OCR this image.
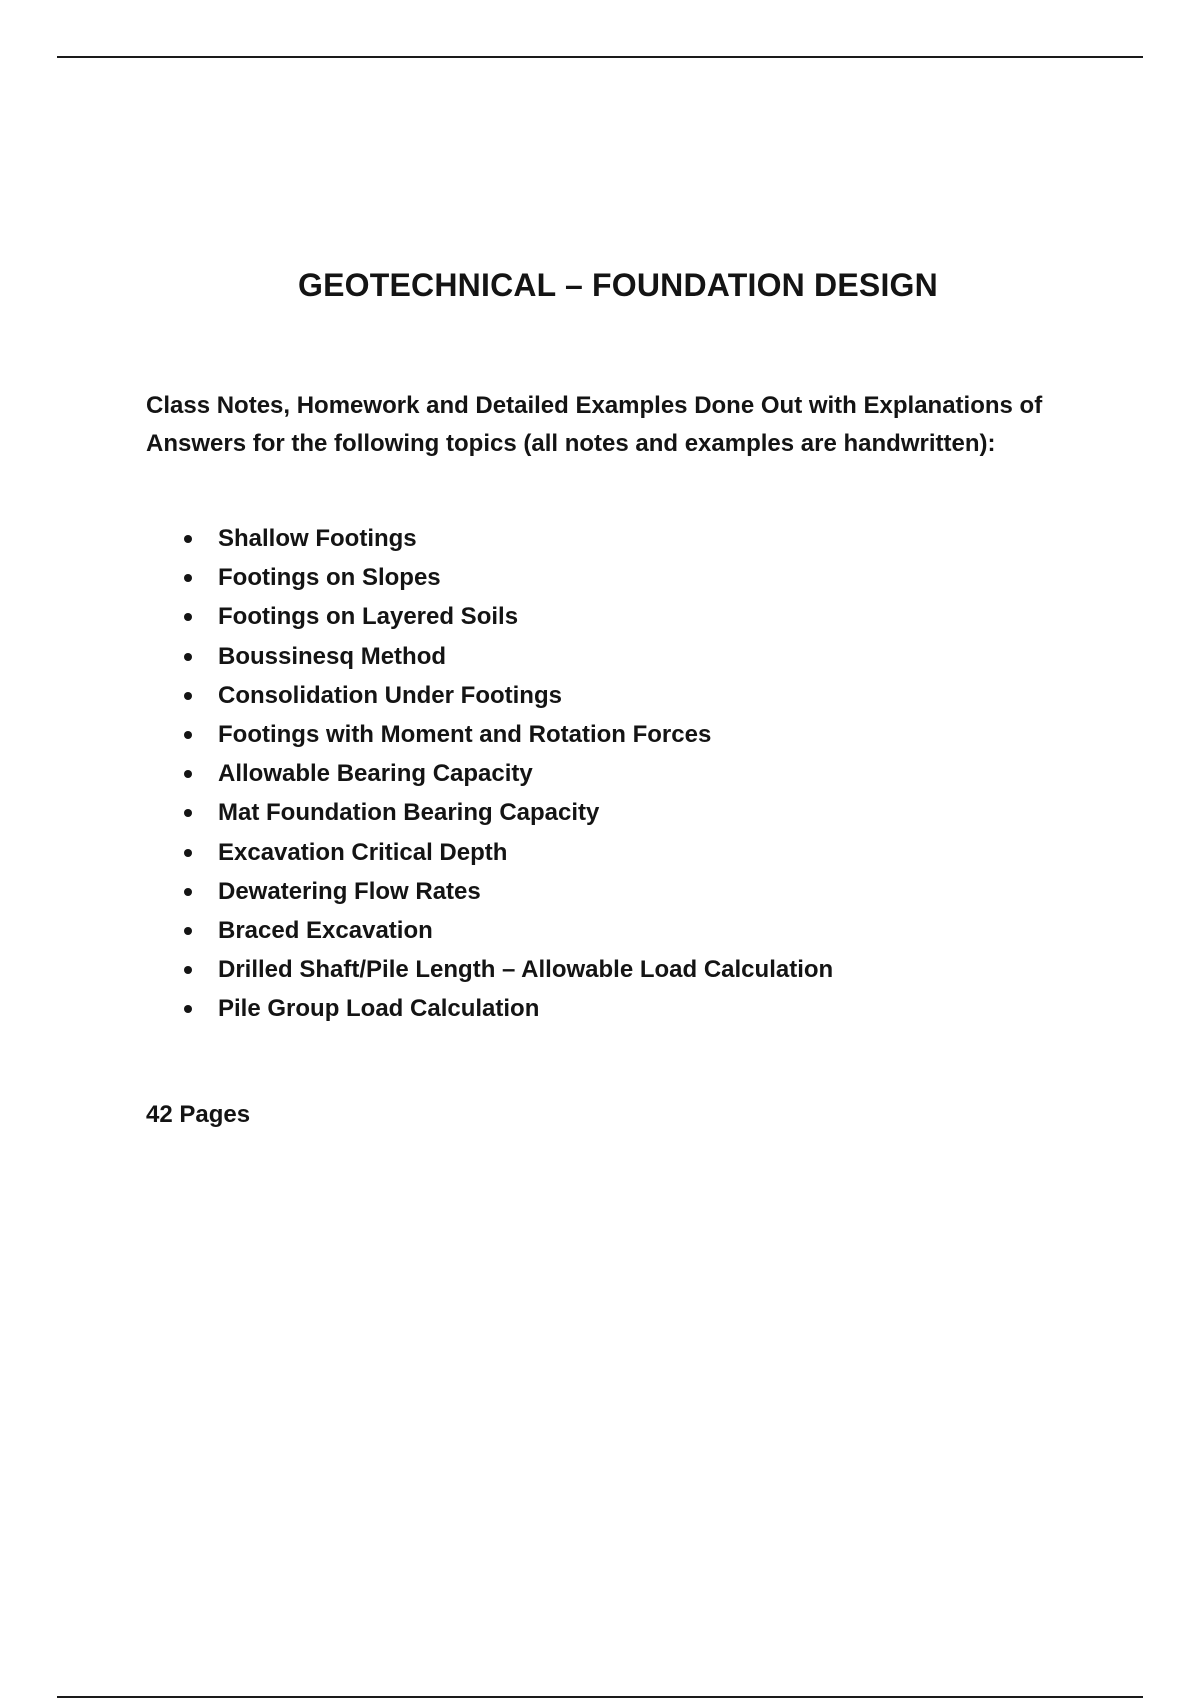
GEOTECHNICAL – FOUNDATION DESIGN

Class Notes, Homework and Detailed Examples Done Out with Explanations of Answers for the following topics (all notes and examples are handwritten):

Shallow Footings
Footings on Slopes
Footings on Layered Soils
Boussinesq Method
Consolidation Under Footings
Footings with Moment and Rotation Forces
Allowable Bearing Capacity
Mat Foundation Bearing Capacity
Excavation Critical Depth
Dewatering Flow Rates
Braced Excavation
Drilled Shaft/Pile Length – Allowable Load Calculation
Pile Group Load Calculation

42 Pages
